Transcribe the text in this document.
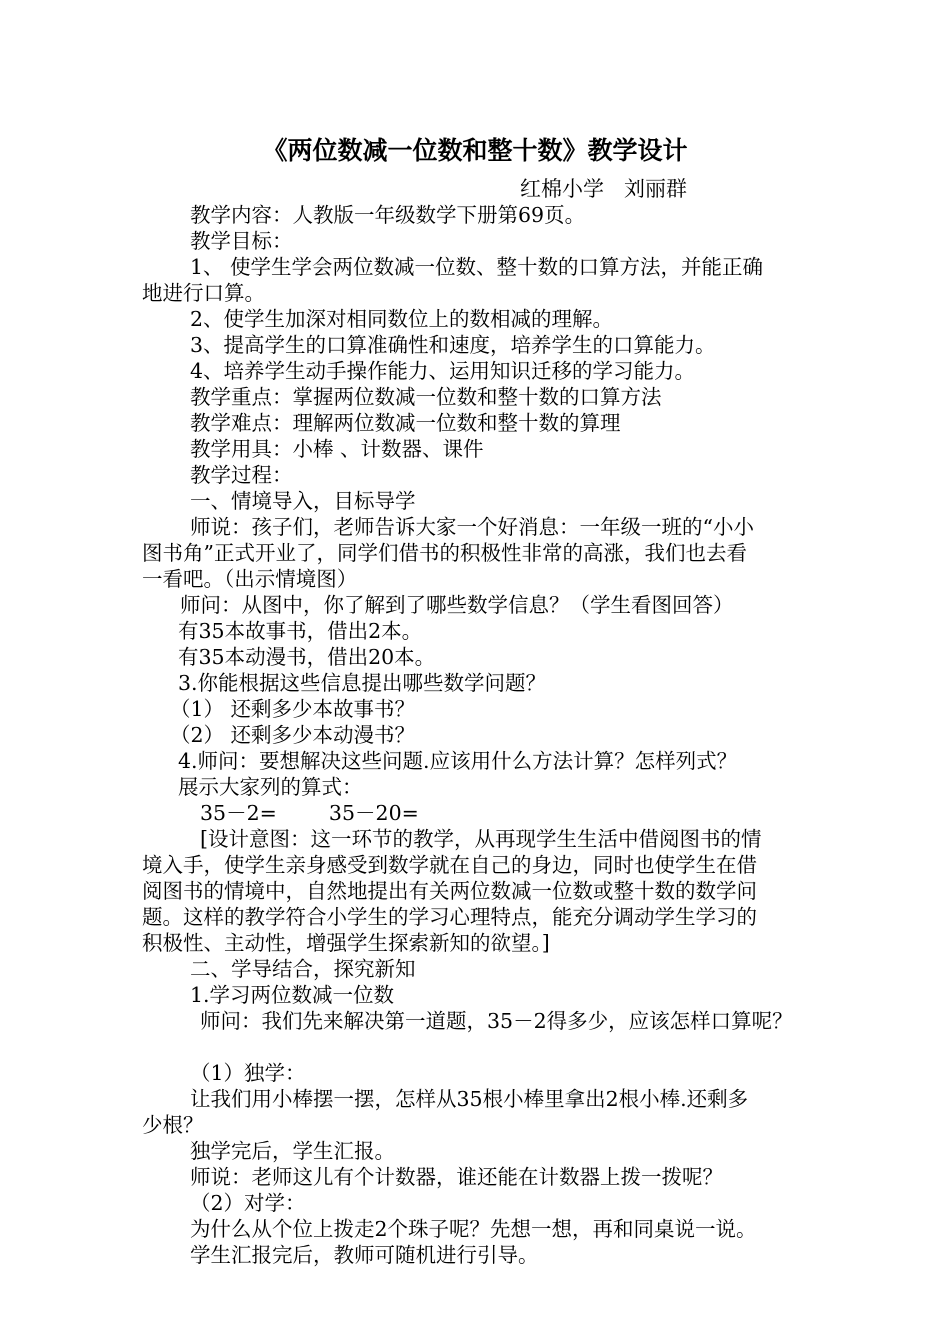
《两位数减一位数和整十数》教学设计
红棉小学   刘丽群
教学内容：人教版一年级数学下册第69页。
教学目标：
1、 使学生学会两位数减一位数、整十数的口算方法，并能正确
地进行口算。
2、使学生加深对相同数位上的数相减的理解。
3、提高学生的口算准确性和速度，培养学生的口算能力。
4、培养学生动手操作能力、运用知识迁移的学习能力。
教学重点：掌握两位数减一位数和整十数的口算方法
教学难点：理解两位数减一位数和整十数的算理
教学用具：小棒 、计数器、课件
教学过程：
一、情境导入，目标导学
师说：孩子们，老师告诉大家一个好消息：一年级一班的“小小
图书角”正式开业了，同学们借书的积极性非常的高涨，我们也去看
一看吧。（出示情境图）
师问：从图中，你了解到了哪些数学信息？（学生看图回答）
有35本故事书，借出2本。
有35本动漫书，借出20本。
3.你能根据这些信息提出哪些数学问题？
（1） 还剩多少本故事书？
（2） 还剩多少本动漫书？
4.师问：要想解决这些问题.应该用什么方法计算？怎样列式？
展示大家列的算式：
35－2=        35－20=
[设计意图：这一环节的教学，从再现学生生活中借阅图书的情
境入手，使学生亲身感受到数学就在自己的身边，同时也使学生在借
阅图书的情境中，自然地提出有关两位数减一位数或整十数的数学问
题。这样的教学符合小学生的学习心理特点，能充分调动学生学习的
积极性、主动性，增强学生探索新知的欲望。]
二、学导结合，探究新知
1.学习两位数减一位数
师问：我们先来解决第一道题，35－2得多少，应该怎样口算呢？
（1）独学：
让我们用小棒摆一摆，怎样从35根小棒里拿出2根小棒.还剩多
少根？
独学完后，学生汇报。
师说：老师这儿有个计数器，谁还能在计数器上拨一拨呢？
（2）对学：
为什么从个位上拨走2个珠子呢？先想一想，再和同桌说一说。
学生汇报完后，教师可随机进行引导。
